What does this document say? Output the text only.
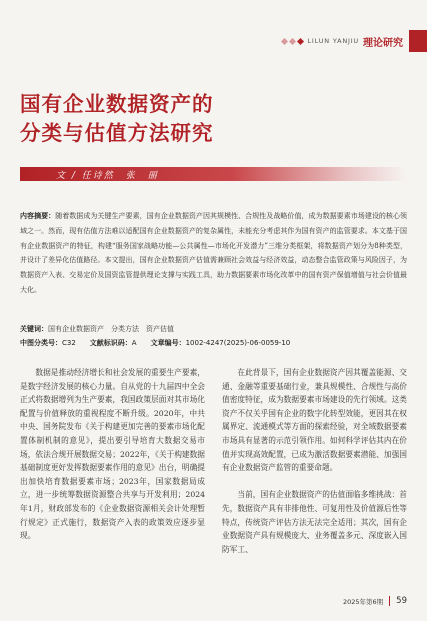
LILUN YANJIU 理论研究
国有企业数据资产的
分类与估值方法研究
文 / 任诗然　张　丽
内容摘要：随着数据成为关键生产要素，国有企业数据资产因其规模性、合规性及战略价值，成为数据要素市场建设的核心领域之一。然而，现有估值方法难以适配国有企业数据资产的复杂属性，未能充分考虑其作为国有资产的监管要求。本文基于国有企业数据资产的特征，构建“服务国家战略功能—公共属性—市场化开发潜力”三维分类框架，将数据资产划分为8种类型，并设计了差异化估值路径。本文提出，国有企业数据资产估值需兼顾社会效益与经济效益，动态整合监管政策与风险因子，为数据资产入表、交易定价及国资监管提供理论支撑与实践工具，助力数据要素市场化改革中的国有资产保值增值与社会价值最大化。
关键词：国有企业数据资产　分类方法　资产估值
中图分类号：C32 文献标识码：A 文章编号：1002-4247(2025)-06-0059-10

数据是推动经济增长和社会发展的重要生产要素，是数字经济发展的核心力量。自从党的十九届四中全会正式将数据增列为生产要素，我国政策层面对其市场化配置与价值释放的重视程度不断升级。2020年，中共中央、国务院发布《关于构建更加完善的要素市场化配置体制机制的意见》，提出要引导培育大数据交易市场，依法合规开展数据交易；2022年，《关于构建数据基础制度更好发挥数据要素作用的意见》出台，明确提出加快培育数据要素市场；2023年，国家数据局成立，进一步统筹数据资源整合共享与开发利用；2024年1月，财政部发布的《企业数据资源相关会计处理暂行规定》正式施行，数据资产入表的政策效应逐步显现。

在此背景下，国有企业数据资产因其覆盖能源、交通、金融等重要基础行业，兼具规模性、合规性与高价值密度特征，成为数据要素市场建设的先行领域。这类资产不仅关乎国有企业的数字化转型效能，更因其在权属界定、流通模式等方面的探索经验，对全域数据要素市场具有显著的示范引领作用。如何科学评估其内在价值并实现高效配置，已成为激活数据要素潜能、加强国有企业数据资产监管的重要命题。

当前，国有企业数据资产的估值面临多维挑战：首先，数据资产具有非排他性、可复用性及价值源后性等特点，传统资产评估方法无法完全适用；其次，国有企业数据资产具有规模庞大、业务覆盖多元、深度嵌入国防军工、

2025年第6期 59
